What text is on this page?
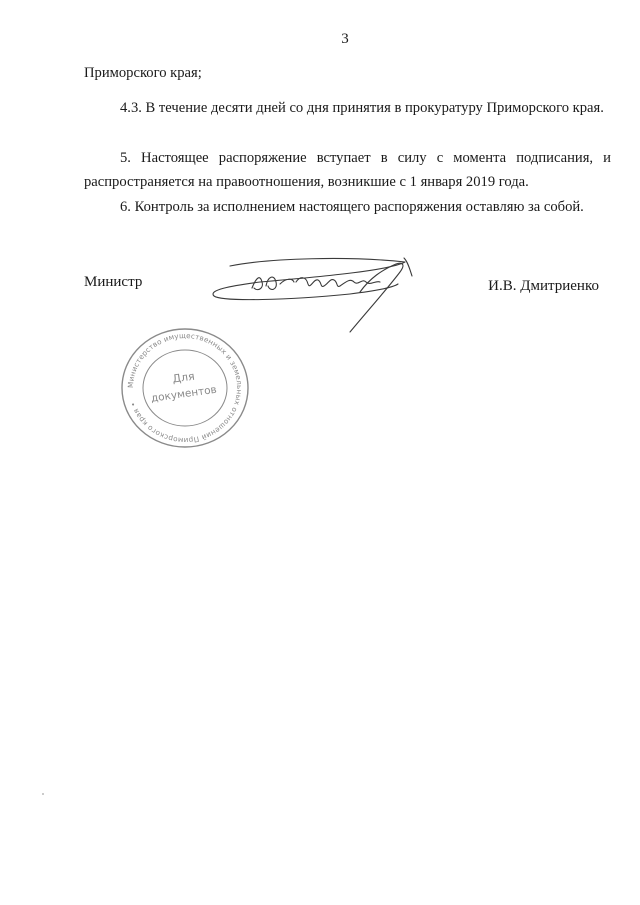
3

Приморского края;

4.3. В течение десяти дней со дня принятия в прокуратуру Приморского края.

5. Настоящее распоряжение вступает в силу с момента подписания, и распространяется на правоотношения, возникшие с 1 января 2019 года.

6. Контроль за исполнением настоящего распоряжения оставляю за собой.

Министр	И.В. Дмитриенко
Министерство имущественных и земельных отношений Приморского края •
Для
документов
